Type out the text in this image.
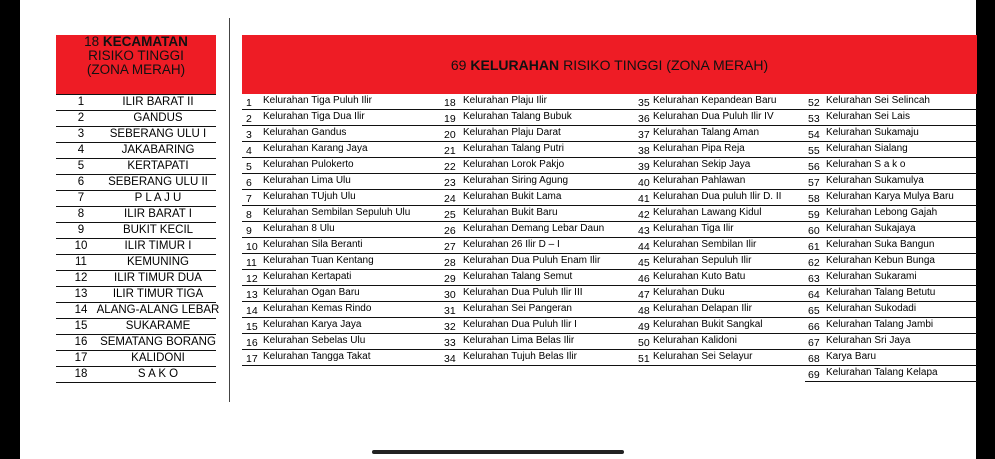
18 KECAMATAN
RISIKO TINGGI
(ZONA MERAH)
1	ILIR BARAT II
2	GANDUS
3	SEBERANG ULU I
4	JAKABARING
5	KERTAPATI
6	SEBERANG ULU II
7	P L A J U
8	ILIR BARAT I
9	BUKIT KECIL
10	ILIR TIMUR I
11	KEMUNING
12	ILIR TIMUR DUA
13	ILIR TIMUR TIGA
14 ALANG-ALANG LEBAR
15	SUKARAME
16	SEMATANG BORANG
17	KALIDONI
18	S A K O
69 KELURAHAN RISIKO TINGGI (ZONA MERAH)
1 Kelurahan Tiga Puluh Ilir
2 Kelurahan Tiga Dua Ilir
3 Kelurahan Gandus
4 Kelurahan Karang Jaya
5 Kelurahan Pulokerto
6 Kelurahan Lima Ulu
7 Kelurahan TUjuh Ulu
8 Kelurahan Sembilan Sepuluh Ulu
9 Kelurahan 8 Ulu
10 Kelurahan Sila Beranti
11 Kelurahan Tuan Kentang
12 Kelurahan Kertapati
13 Kelurahan Ogan Baru
14 Kelurahan Kemas Rindo
15 Kelurahan Karya Jaya
16 Kelurahan Sebelas Ulu
17 Kelurahan Tangga Takat
18 Kelurahan Plaju Ilir
19 Kelurahan Talang Bubuk
20 Kelurahan Plaju Darat
21 Kelurahan Talang Putri
22 Kelurahan Lorok Pakjo
23 Kelurahan Siring Agung
24 Kelurahan Bukit Lama
25 Kelurahan Bukit Baru
26 Kelurahan Demang Lebar Daun
27 Kelurahan 26 Ilir D – I
28 Kelurahan Dua Puluh Enam Ilir
29 Kelurahan Talang Semut
30 Kelurahan Dua Puluh Ilir III
31 Kelurahan Sei Pangeran
32 Kelurahan Dua Puluh Ilir I
33 Kelurahan Lima Belas Ilir
34 Kelurahan Tujuh Belas Ilir
35 Kelurahan Kepandean Baru
36 Kelurahan Dua Puluh Ilir IV
37 Kelurahan Talang Aman
38 Kelurahan Pipa Reja
39 Kelurahan Sekip Jaya
40 Kelurahan Pahlawan
41 Kelurahan Dua puluh Ilir D. II
42 Kelurahan Lawang Kidul
43 Kelurahan Tiga Ilir
44 Kelurahan Sembilan Ilir
45 Kelurahan Sepuluh Ilir
46 Kelurahan Kuto Batu
47 Kelurahan Duku
48 Kelurahan Delapan Ilir
49 Kelurahan Bukit Sangkal
50 Kelurahan Kalidoni
51 Kelurahan Sei Selayur
52 Kelurahan Sei Selincah
53 Kelurahan Sei Lais
54 Kelurahan Sukamaju
55 Kelurahan Sialang
56 Kelurahan S a k o
57 Kelurahan Sukamulya
58 Kelurahan Karya Mulya Baru
59 Kelurahan Lebong Gajah
60 Kelurahan Sukajaya
61 Kelurahan Suka Bangun
62 Kelurahan Kebun Bunga
63 Kelurahan Sukarami
64 Kelurahan Talang Betutu
65 Kelurahan Sukodadi
66 Kelurahan Talang Jambi
67 Kelurahan Sri Jaya
68 Karya Baru
69 Kelurahan Talang Kelapa
